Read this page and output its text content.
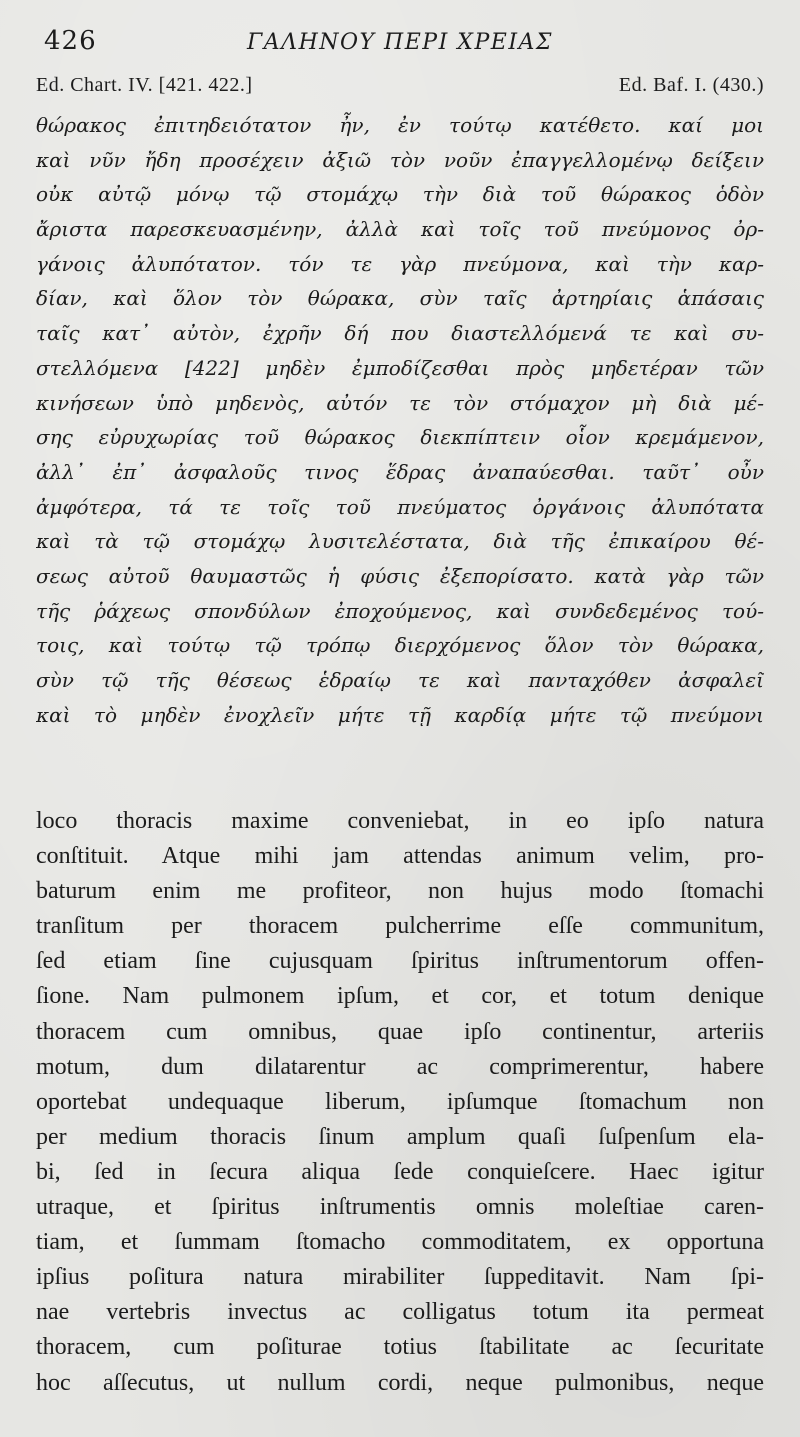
426	ΓΑΛΗΝΟΥ ΠΕΡΙ ΧΡΕΙΑΣ
Ed. Chart. IV. [421. 422.]	Ed. Baf. I. (430.)
θώρακος ἐπιτηδειότατον ἦν, ἐν τούτῳ κατέθετο. καί μοι
καὶ νῦν ἤδη προσέχειν ἀξιῶ τὸν νοῦν ἐπαγγελλομένῳ δείξειν
οὐκ αὐτῷ μόνῳ τῷ στομάχῳ τὴν διὰ τοῦ θώρακος ὁδὸν
ἄριστα παρεσκευασμένην, ἀλλὰ καὶ τοῖς τοῦ πνεύμονος ὀρ-
γάνοις ἀλυπότατον. τόν τε γὰρ πνεύμονα, καὶ τὴν καρ-
δίαν, καὶ ὅλον τὸν θώρακα, σὺν ταῖς ἀρτηρίαις ἁπάσαις
ταῖς κατ᾽ αὐτὸν, ἐχρῆν δή που διαστελλόμενά τε καὶ συ-
στελλόμενα [422] μηδὲν ἐμποδίζεσθαι πρὸς μηδετέραν τῶν
κινήσεων ὑπὸ μηδενὸς, αὐτόν τε τὸν στόμαχον μὴ διὰ μέ-
σης εὐρυχωρίας τοῦ θώρακος διεκπίπτειν οἷον κρεμάμενον,
ἀλλ᾽ ἐπ᾽ ἀσφαλοῦς τινος ἕδρας ἀναπαύεσθαι. ταῦτ᾽ οὖν
ἀμφότερα, τά τε τοῖς τοῦ πνεύματος ὀργάνοις ἀλυπότατα
καὶ τὰ τῷ στομάχῳ λυσιτελέστατα, διὰ τῆς ἐπικαίρου θέ-
σεως αὐτοῦ θαυμαστῶς ἡ φύσις ἐξεπορίσατο. κατὰ γὰρ τῶν
τῆς ῥάχεως σπονδύλων ἐποχούμενος, καὶ συνδεδεμένος τού-
τοις, καὶ τούτῳ τῷ τρόπῳ διερχόμενος ὅλον τὸν θώρακα,
σὺν τῷ τῆς θέσεως ἑδραίῳ τε καὶ πανταχόθεν ἀσφαλεῖ
καὶ τὸ μηδὲν ἐνοχλεῖν μήτε τῇ καρδίᾳ μήτε τῷ πνεύμονι
loco thoracis maxime conveniebat, in eo ipſo natura
conſtituit. Atque mihi jam attendas animum velim, pro-
baturum enim me profiteor, non hujus modo ſtomachi
tranſitum per thoracem pulcherrime eſſe communitum,
ſed etiam ſine cujusquam ſpiritus inſtrumentorum offen-
ſione. Nam pulmonem ipſum, et cor, et totum denique
thoracem cum omnibus, quae ipſo continentur, arteriis
motum, dum dilatarentur ac comprimerentur, habere
oportebat undequaque liberum, ipſumque ſtomachum non
per medium thoracis ſinum amplum quaſi ſuſpenſum ela-
bi, ſed in ſecura aliqua ſede conquieſcere. Haec igitur
utraque, et ſpiritus inſtrumentis omnis moleſtiae caren-
tiam, et ſummam ſtomacho commoditatem, ex opportuna
ipſius poſitura natura mirabiliter ſuppeditavit. Nam ſpi-
nae vertebris invectus ac colligatus totum ita permeat
thoracem, cum poſiturae totius ſtabilitate ac ſecuritate
hoc aſſecutus, ut nullum cordi, neque pulmonibus, neque
